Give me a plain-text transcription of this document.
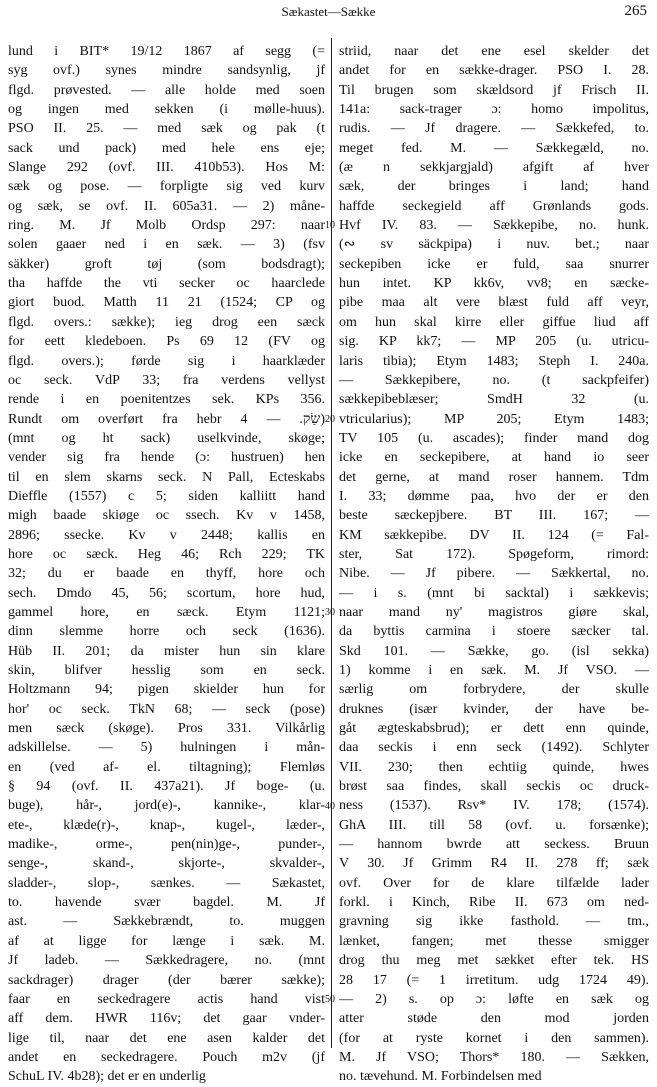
Sækastet—Sække	265
lund i BIT* 19/12 1867 af segg (=
syg ovf.) synes mindre sandsynlig, jf
flgd. prøvested. — alle holde med soen
og ingen med sekken (i mølle-huus).
PSO II. 25. — med sæk og pak (t
sack und pack) med hele ens eje;
Slange 292 (ovf. III. 410b53). Hos M:
sæk og pose. — forpligte sig ved kurv
og sæk, se ovf. II. 605a31. — 2) måne-
ring. M. Jf Molb Ordsp 297: naar
solen gaaer ned i en sæk. — 3) (fsv
säkker) groft tøj (som bodsdragt);
tha haffde the vti secker oc haarclede
giort buod. Matth 11 21 (1524; CP og
flgd. overs.: sække); ieg drog een sæck
for eett kledeboen. Ps 69 12 (FV og
flgd. overs.); førde sig i haarklæder
oc seck. VdP 33; fra verdens vellyst
rende i en poenitentzes sek. KPs 356.
Rundt om overført fra hebr שַׂק. — 4)
(mnt og ht sack) uselkvinde, skøge;
vender sig fra hende (ɔ: hustruen) hen
til en slem skarns seck. N Pall, Ecteskabs
Dieffle (1557) c 5; siden kalliitt hand
migh baade skiøge oc ssech. Kv v 1458,
2896; ssecke. Kv v 2448; kallis en
hore oc sæck. Heg 46; Rch 229; TK
32; du er baade en thyff, hore och
sech. Dmdo 45, 56; scortum, hore hud,
gammel hore, en sæck. Etym 1121;
dinn slemme horre och seck (1636).
Hüb II. 201; da mister hun sin klare
skin, blifver hesslig som en seck.
Holtzmann 94; pigen skielder hun for
hor' oc seck. TkN 68; — seck (pose)
men sæck (skøge). Pros 331. Vilkårlig
adskillelse. — 5) hulningen i mån-
en (ved af- el. tiltagning); Flemløs
§ 94 (ovf. II. 437a21). Jf boge- (u.
buge), hår-, jord(e)-, kannike-, klar-
ete-, klæde(r)-, knap-, kugel-, læder-,
madike-, orme-, pen(nin)ge-, punder-,
senge-, skand-, skjorte-, skvalder-,
sladder-, slop-, sænkes. — Sækastet,
to. havende svær bagdel. M. Jf
ast. — Sækkebrændt, to. muggen
af at ligge for længe i sæk. M.
Jf ladeb. — Sækkedragere, no. (mnt
sackdrager) drager (der bærer sække);
faar en seckedragere actis hand vist
aff dem. HWR 116v; det gaar vnder-
lige til, naar det ene asen kalder det
andet en seckedragere. Pouch m2v (jf
SchuL IV. 4b28); det er en underlig
10
20
30
40
50
striid, naar det ene esel skelder det
andet for en sække-drager. PSO I. 28.
Til brugen som skældsord jf Frisch II.
141a: sack-trager ɔ: homo impolitus,
rudis. — Jf dragere. — Sækkefed, to.
meget fed. M. — Sækkegæld, no.
(æ n sekkjargjald) afgift af hver
sæk, der bringes i land; hand
haffde seckegield aff Grønlands gods.
Hvf IV. 83. — Sækkepibe, no. hunk.
(∾ sv säckpipa) i nuv. bet.; naar
seckepiben icke er fuld, saa snurrer
hun intet. KP kk6v, vv8; en sæcke-
pibe maa alt vere blæst fuld aff veyr,
om hun skal kirre eller giffue liud aff
sig. KP kk7; — MP 205 (u. utricu-
laris tibia); Etym 1483; Steph I. 240a.
— Sækkepibere, no. (t sackpfeifer)
sækkepibeblæser; SmdH 32 (u.
vtricularius); MP 205; Etym 1483;
TV 105 (u. ascades); finder mand dog
icke en seckepibere, at hand io seer
det gerne, at mand roser hannem. Tdm
I. 33; dømme paa, hvo der er den
beste sæckepjbere. BT III. 167; —
KM sækkepibe. DV II. 124 (= Fal-
ster, Sat 172). Spøgeform, rimord:
Nibe. — Jf pibere. — Sækkertal, no.
— i s. (mnt bi sacktal) i sækkevis;
naar mand ny' magistros giøre skal,
da byttis carmina i stoere sæcker tal.
Skd 101. — Sække, go. (isl sekka)
1) komme i en sæk. M. Jf VSO. —
særlig om forbrydere, der skulle
druknes (især kvinder, der have be-
gåt ægteskabsbrud); er dett enn quinde,
daa seckis i enn seck (1492). Schlyter
VII. 230; then echtiig quinde, hwes
brøst saa findes, skall seckis oc druck-
ness (1537). Rsv* IV. 178; (1574).
GhA III. till 58 (ovf. u. forsænke);
— hannom bwrde att seckess. Bruun
V 30. Jf Grimm R4 II. 278 ff; sæk
ovf. Over for de klare tilfælde lader
forkl. i Kinch, Ribe II. 673 om ned-
gravning sig ikke fasthold. — tm.,
lænket, fangen; met thesse smigger
drog thu meg met sækket efter tek. HS
28 17 (= 1 irretitum. udg 1724 49).
— 2) s. op ɔ: løfte en sæk og
atter støde den mod jorden
(for at ryste kornet i den sammen).
M. Jf VSO; Thors* 180. — Sækken,
no. tævehund. M. Forbindelsen med
